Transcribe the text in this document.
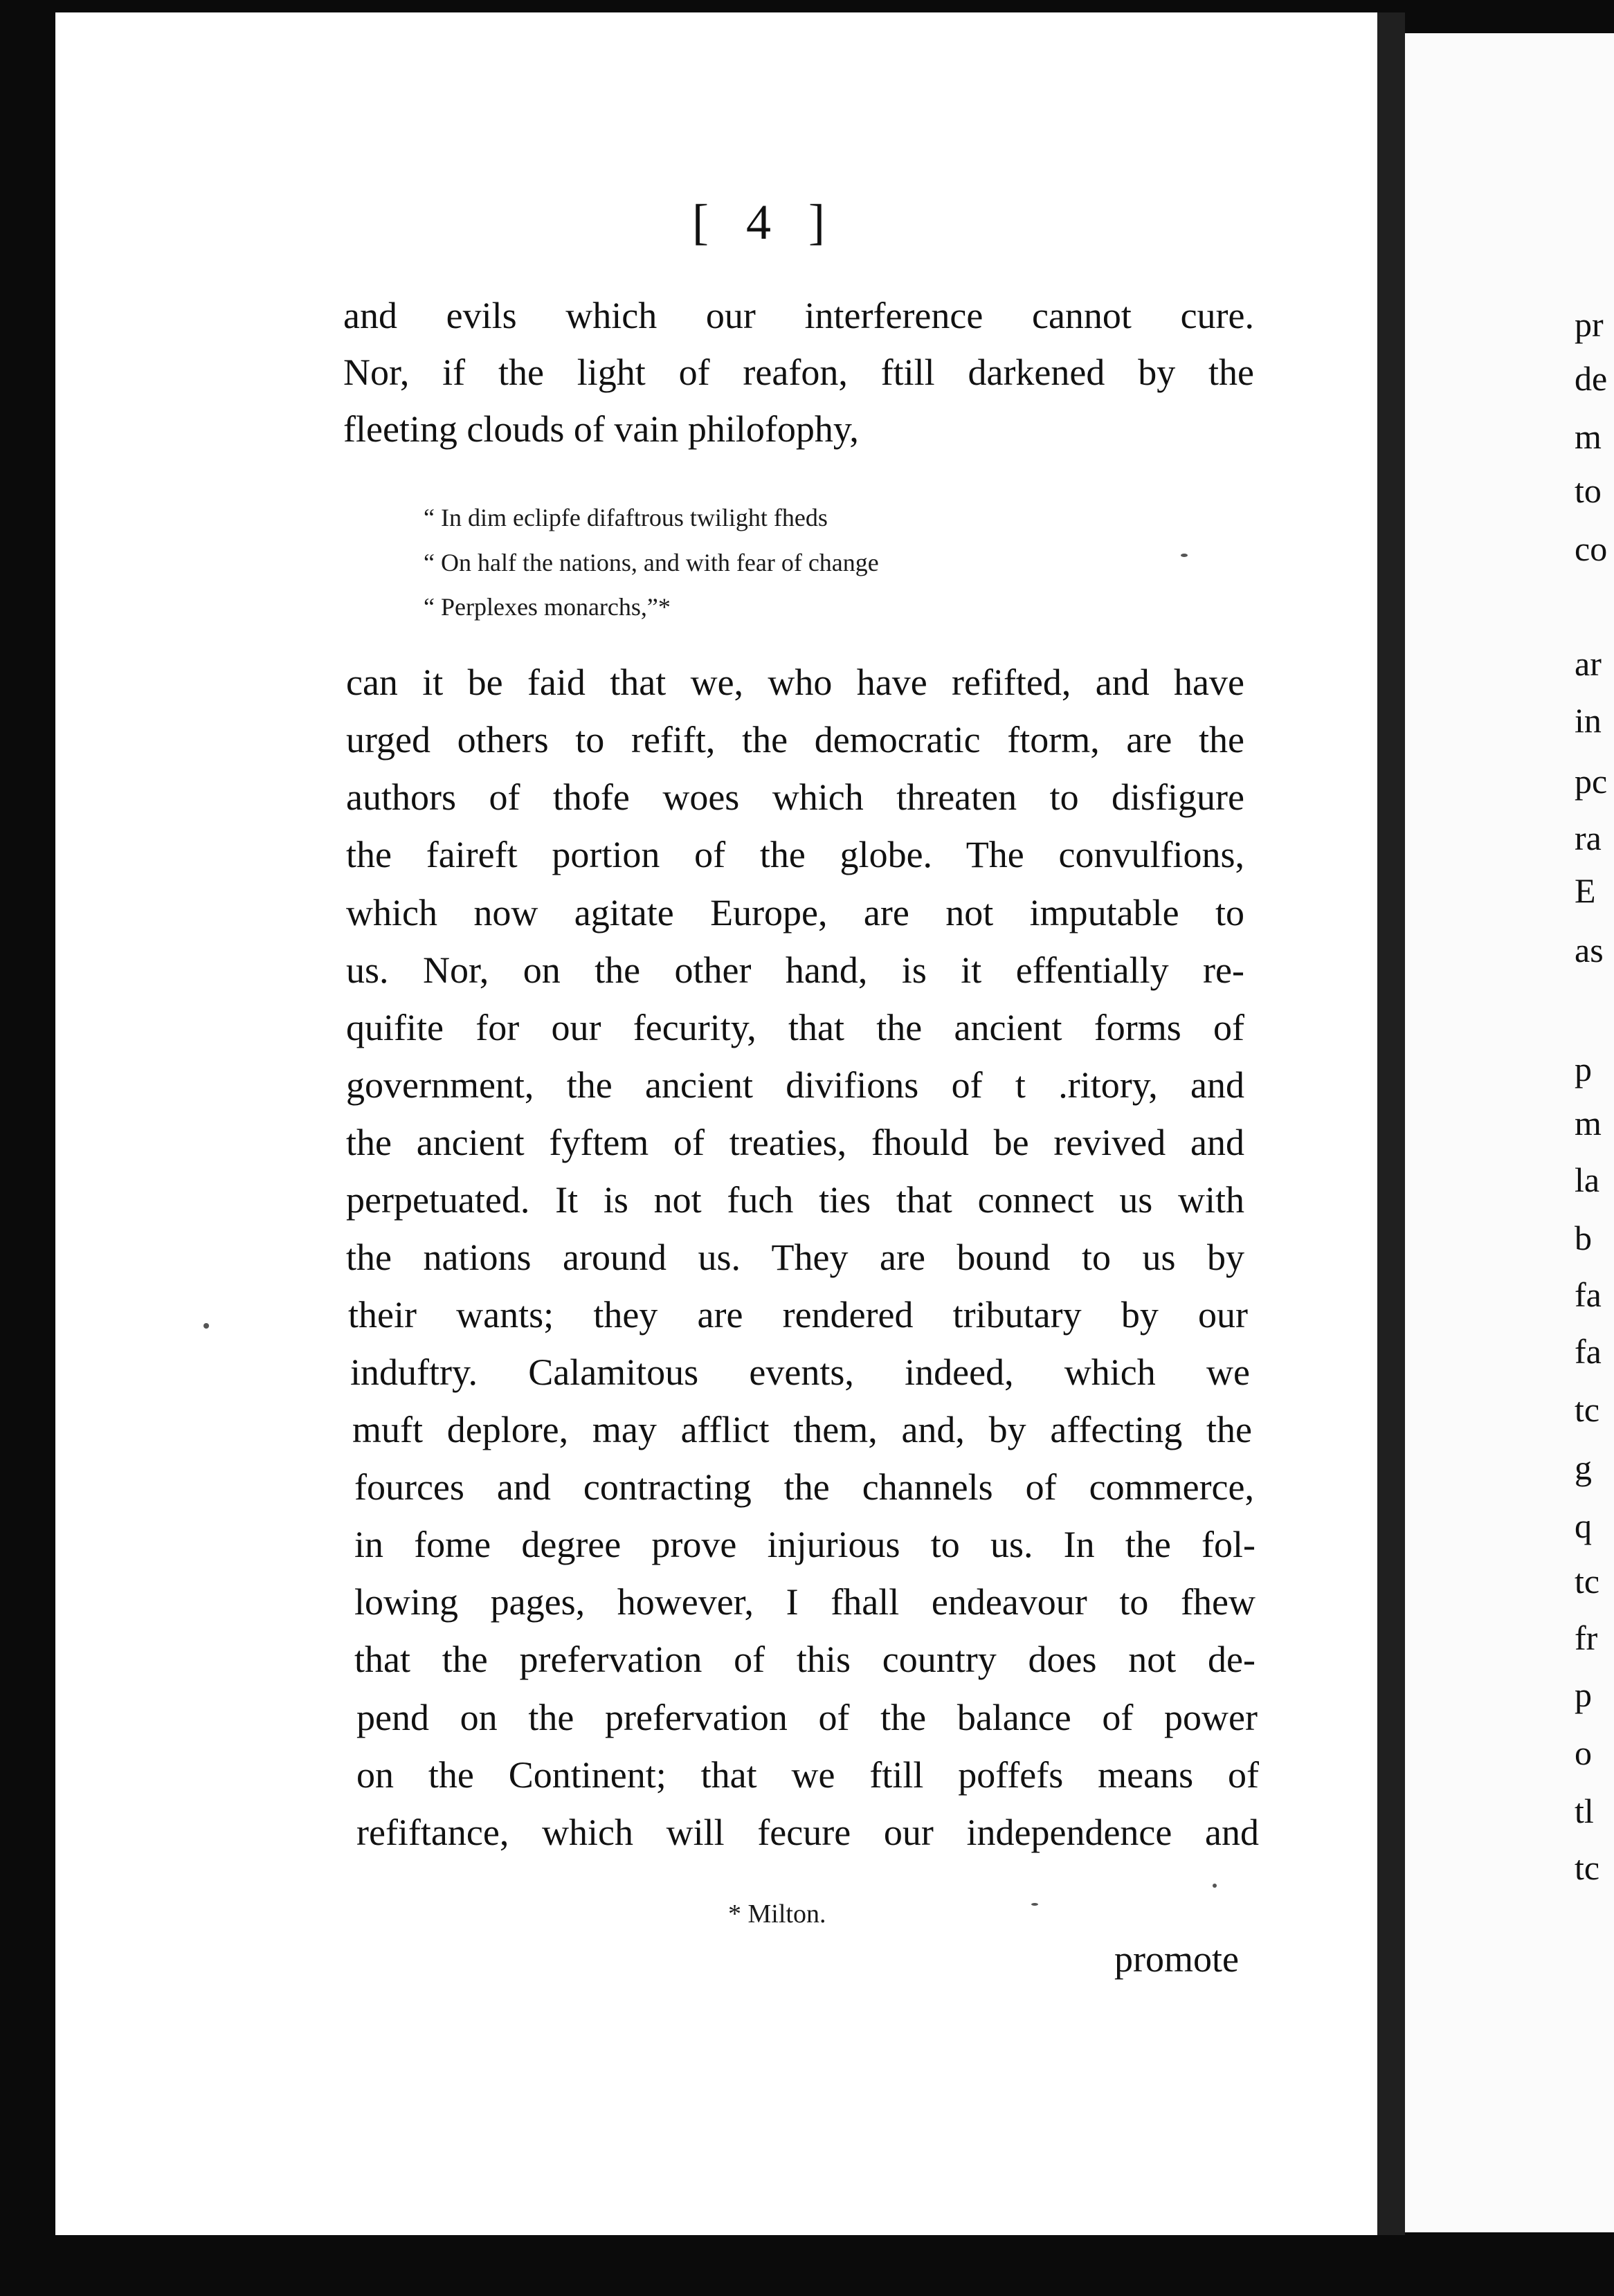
[ 4 ]
and evils which our interference cannot cure.
Nor, if the light of reafon, ftill darkened by the
fleeting clouds of vain philofophy,
“ In dim eclipfe difaftrous twilight fheds
“ On half the nations, and with fear of change
“ Perplexes monarchs,”*
can it be faid that we, who have refifted, and have
urged others to refift, the democratic ftorm, are the
authors of thofe woes which threaten to disfigure
the faireft portion of the globe. The convulfions,
which now agitate Europe, are not imputable to
us. Nor, on the other hand, is it effentially re-
quifite for our fecurity, that the ancient forms of
government, the ancient divifions of t .ritory, and
the ancient fyftem of treaties, fhould be revived and
perpetuated. It is not fuch ties that connect us with
the nations around us. They are bound to us by
their wants; they are rendered tributary by our
induftry. Calamitous events, indeed, which we
muft deplore, may afflict them, and, by affecting the
fources and contracting the channels of commerce,
in fome degree prove injurious to us. In the fol-
lowing pages, however, I fhall endeavour to fhew
that the prefervation of this country does not de-
pend on the prefervation of the balance of power
on the Continent; that we ftill poffefs means of
refiftance, which will fecure our independence and
* Milton.
promote
pr
de
m
to
co
ar
in
pc
ra
E
as
p
m
la
b
fa
fa
tc
g
q
tc
fr
p
o
tl
tc
